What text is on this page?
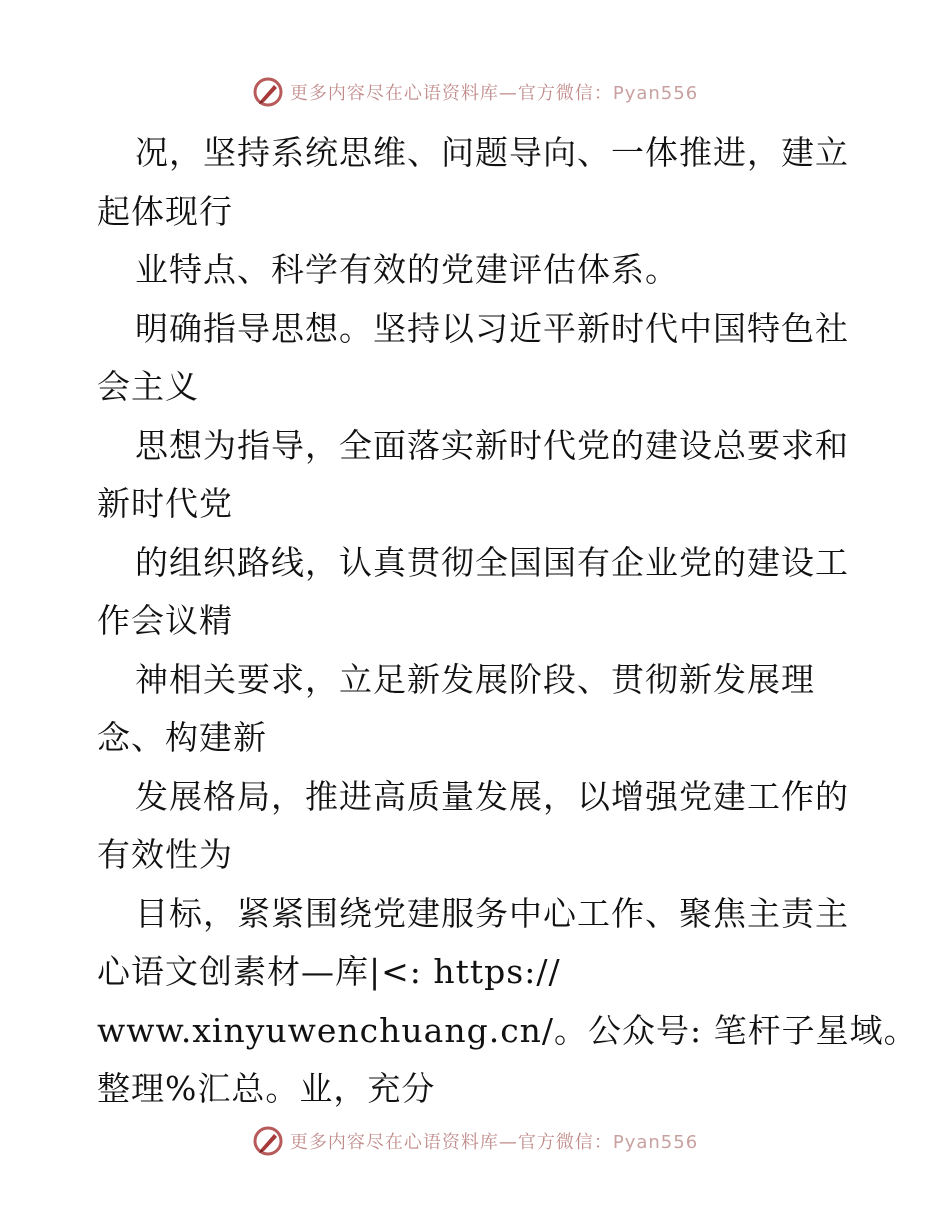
更多内容尽在心语资料库—官方微信：Pyan556
况，坚持系统思维、问题导向、一体推进，建立
起体现行
业特点、科学有效的党建评估体系。
明确指导思想。坚持以习近平新时代中国特色社
会主义
思想为指导，全面落实新时代党的建设总要求和
新时代党
的组织路线，认真贯彻全国国有企业党的建设工
作会议精
神相关要求，立足新发展阶段、贯彻新发展理
念、构建新
发展格局，推进高质量发展，以增强党建工作的
有效性为
目标，紧紧围绕党建服务中心工作、聚焦主责主
心语文创素材—库|<: https://
www.xinyuwenchuang.cn/。公众号: 笔杆子星域。
整理%汇总。业，充分
更多内容尽在心语资料库—官方微信：Pyan556
